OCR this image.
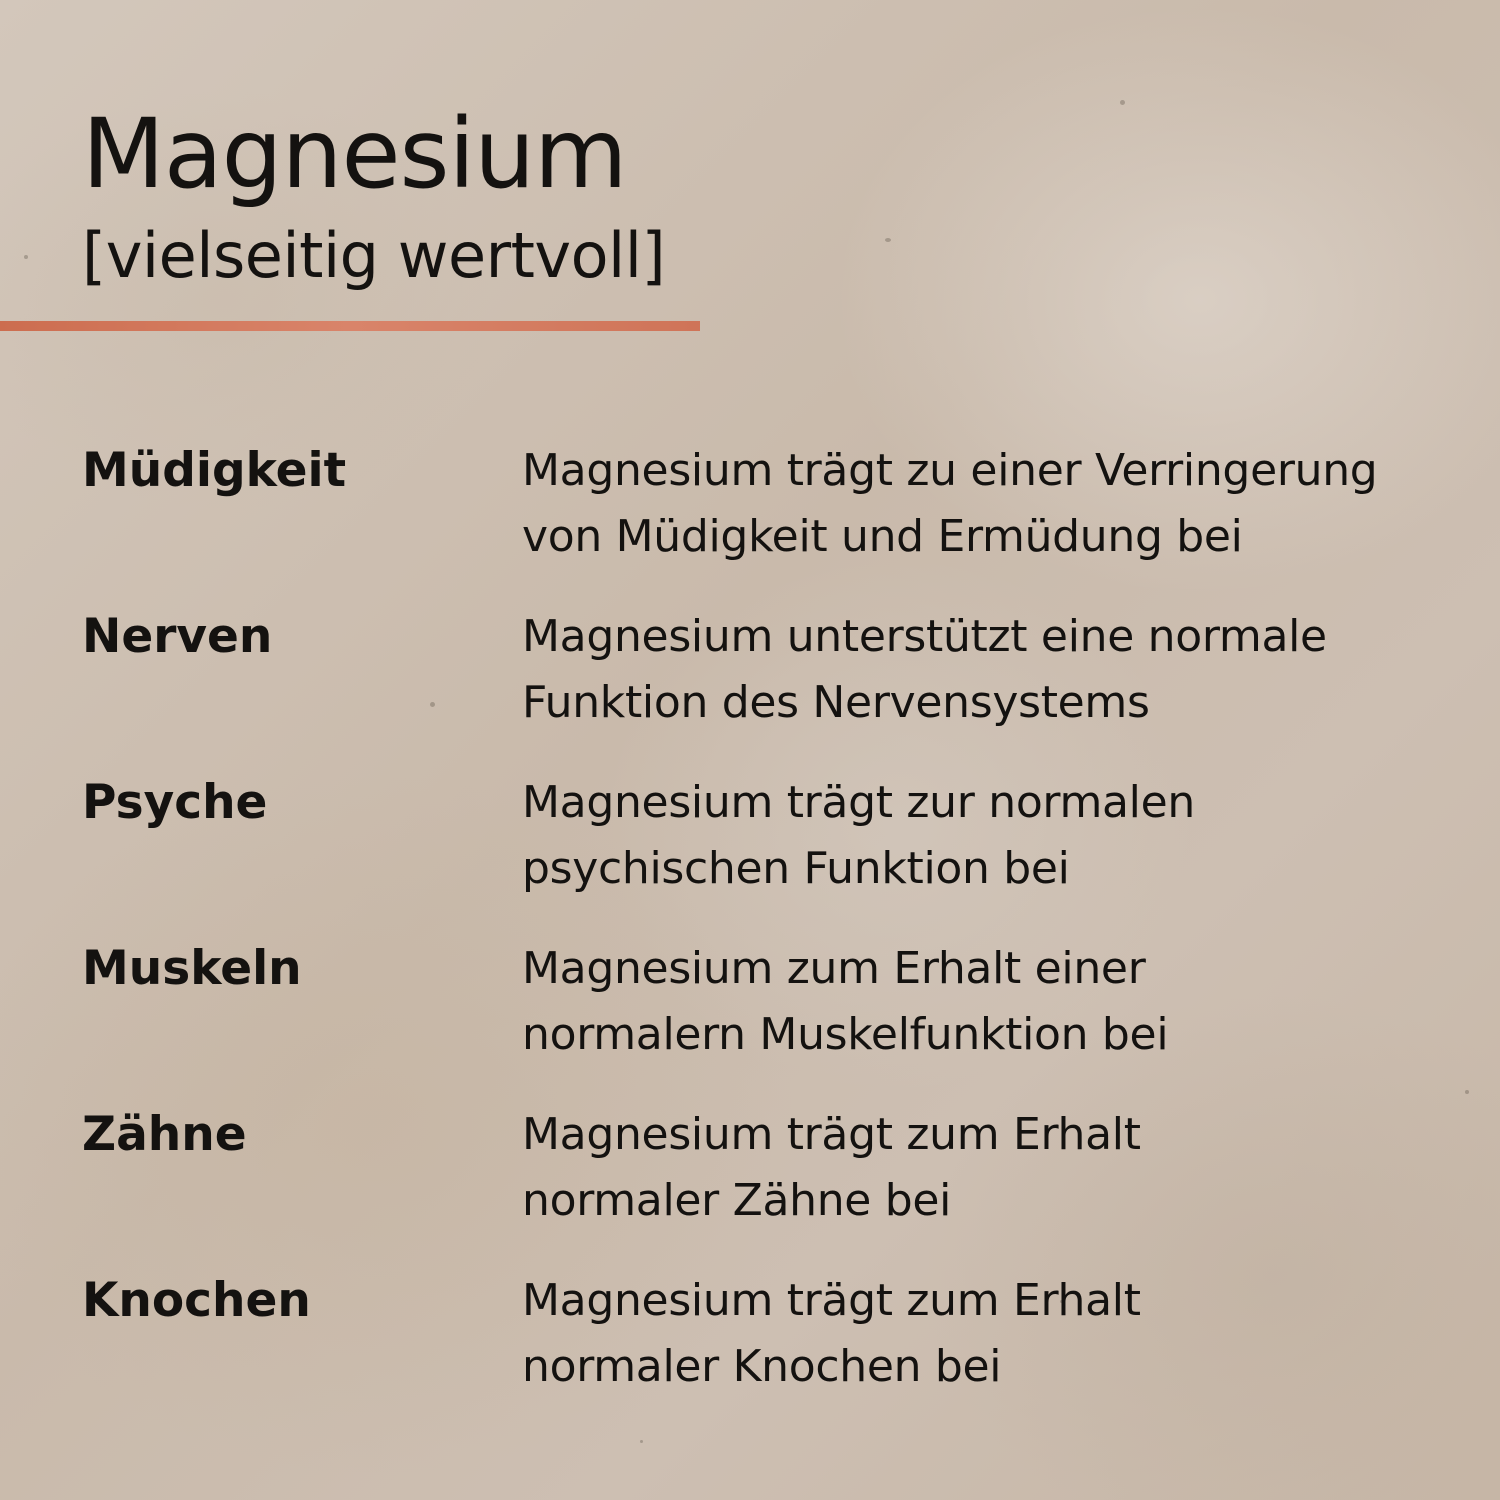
Magnesium
[vielseitig wertvoll]
Müdigkeit	Magnesium trägt zu einer Verringerung
von Müdigkeit und Ermüdung bei
Nerven	Magnesium unterstützt eine normale
Funktion des Nervensystems
Psyche	Magnesium trägt zur normalen
psychischen Funktion bei
Muskeln	Magnesium zum Erhalt einer
normalern Muskelfunktion bei
Zähne	Magnesium trägt zum Erhalt
normaler Zähne bei
Knochen	Magnesium trägt zum Erhalt
normaler Knochen bei
